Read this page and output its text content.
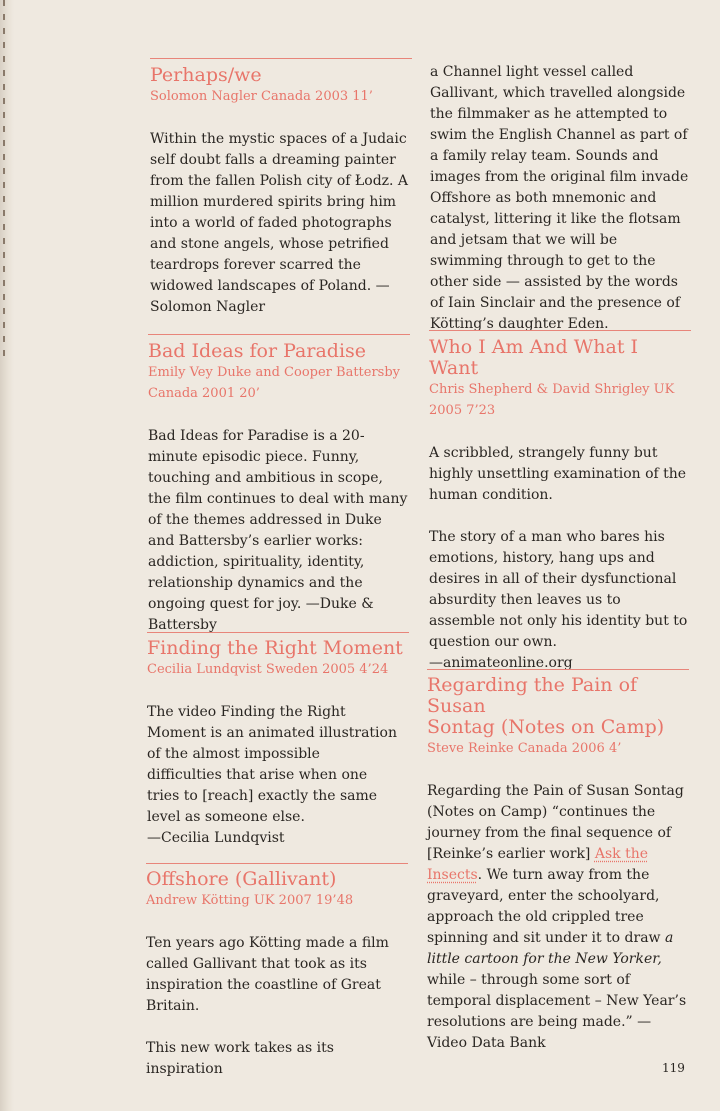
Perhaps/we
Solomon Nagler Canada 2003 11’

Within the mystic spaces of a Judaic self doubt falls a dreaming painter from the fallen Polish city of Łodz. A million murdered spirits bring him into a world of faded photographs and stone angels, whose petrified teardrops forever scarred the widowed landscapes of Poland. —Solomon Nagler

Bad Ideas for Paradise
Emily Vey Duke and Cooper Battersby
Canada 2001 20’

Bad Ideas for Paradise is a 20-minute episodic piece. Funny, touching and ambitious in scope, the film continues to deal with many of the themes addressed in Duke and Battersby’s earlier works: addiction, spirituality, identity, relationship dynamics and the ongoing quest for joy. —Duke & Battersby

Finding the Right Moment
Cecilia Lundqvist Sweden 2005 4’24

The video Finding the Right Moment is an animated illustration of the almost impossible difficulties that arise when one tries to [reach] exactly the same level as someone else.

—Cecilia Lundqvist

Offshore (Gallivant)
Andrew Kötting UK 2007 19’48

Ten years ago Kötting made a film called Gallivant that took as its inspiration the coastline of Great Britain.

This new work takes as its inspiration

a Channel light vessel called Gallivant, which travelled alongside the filmmaker as he attempted to swim the English Channel as part of a family relay team. Sounds and images from the original film invade Offshore as both mnemonic and catalyst, littering it like the flotsam and jetsam that we will be swimming through to get to the other side — assisted by the words of Iain Sinclair and the presence of Kötting’s daughter Eden.

Who I Am And What I Want
Chris Shepherd & David Shrigley UK
2005 7’23

A scribbled, strangely funny but highly unsettling examination of the human condition.

The story of a man who bares his emotions, history, hang ups and desires in all of their dysfunctional absurdity then leaves us to assemble not only his identity but to question our own.

—animateonline.org

Regarding the Pain of Susan
Sontag (Notes on Camp)
Steve Reinke Canada 2006 4’

Regarding the Pain of Susan Sontag (Notes on Camp) “continues the journey from the final sequence of [Reinke’s earlier work] Ask the Insects. We turn away from the graveyard, enter the schoolyard, approach the old crippled tree spinning and sit under it to draw a little cartoon for the New Yorker, while – through some sort of temporal displacement – New Year’s resolutions are being made.” —Video Data Bank

119
